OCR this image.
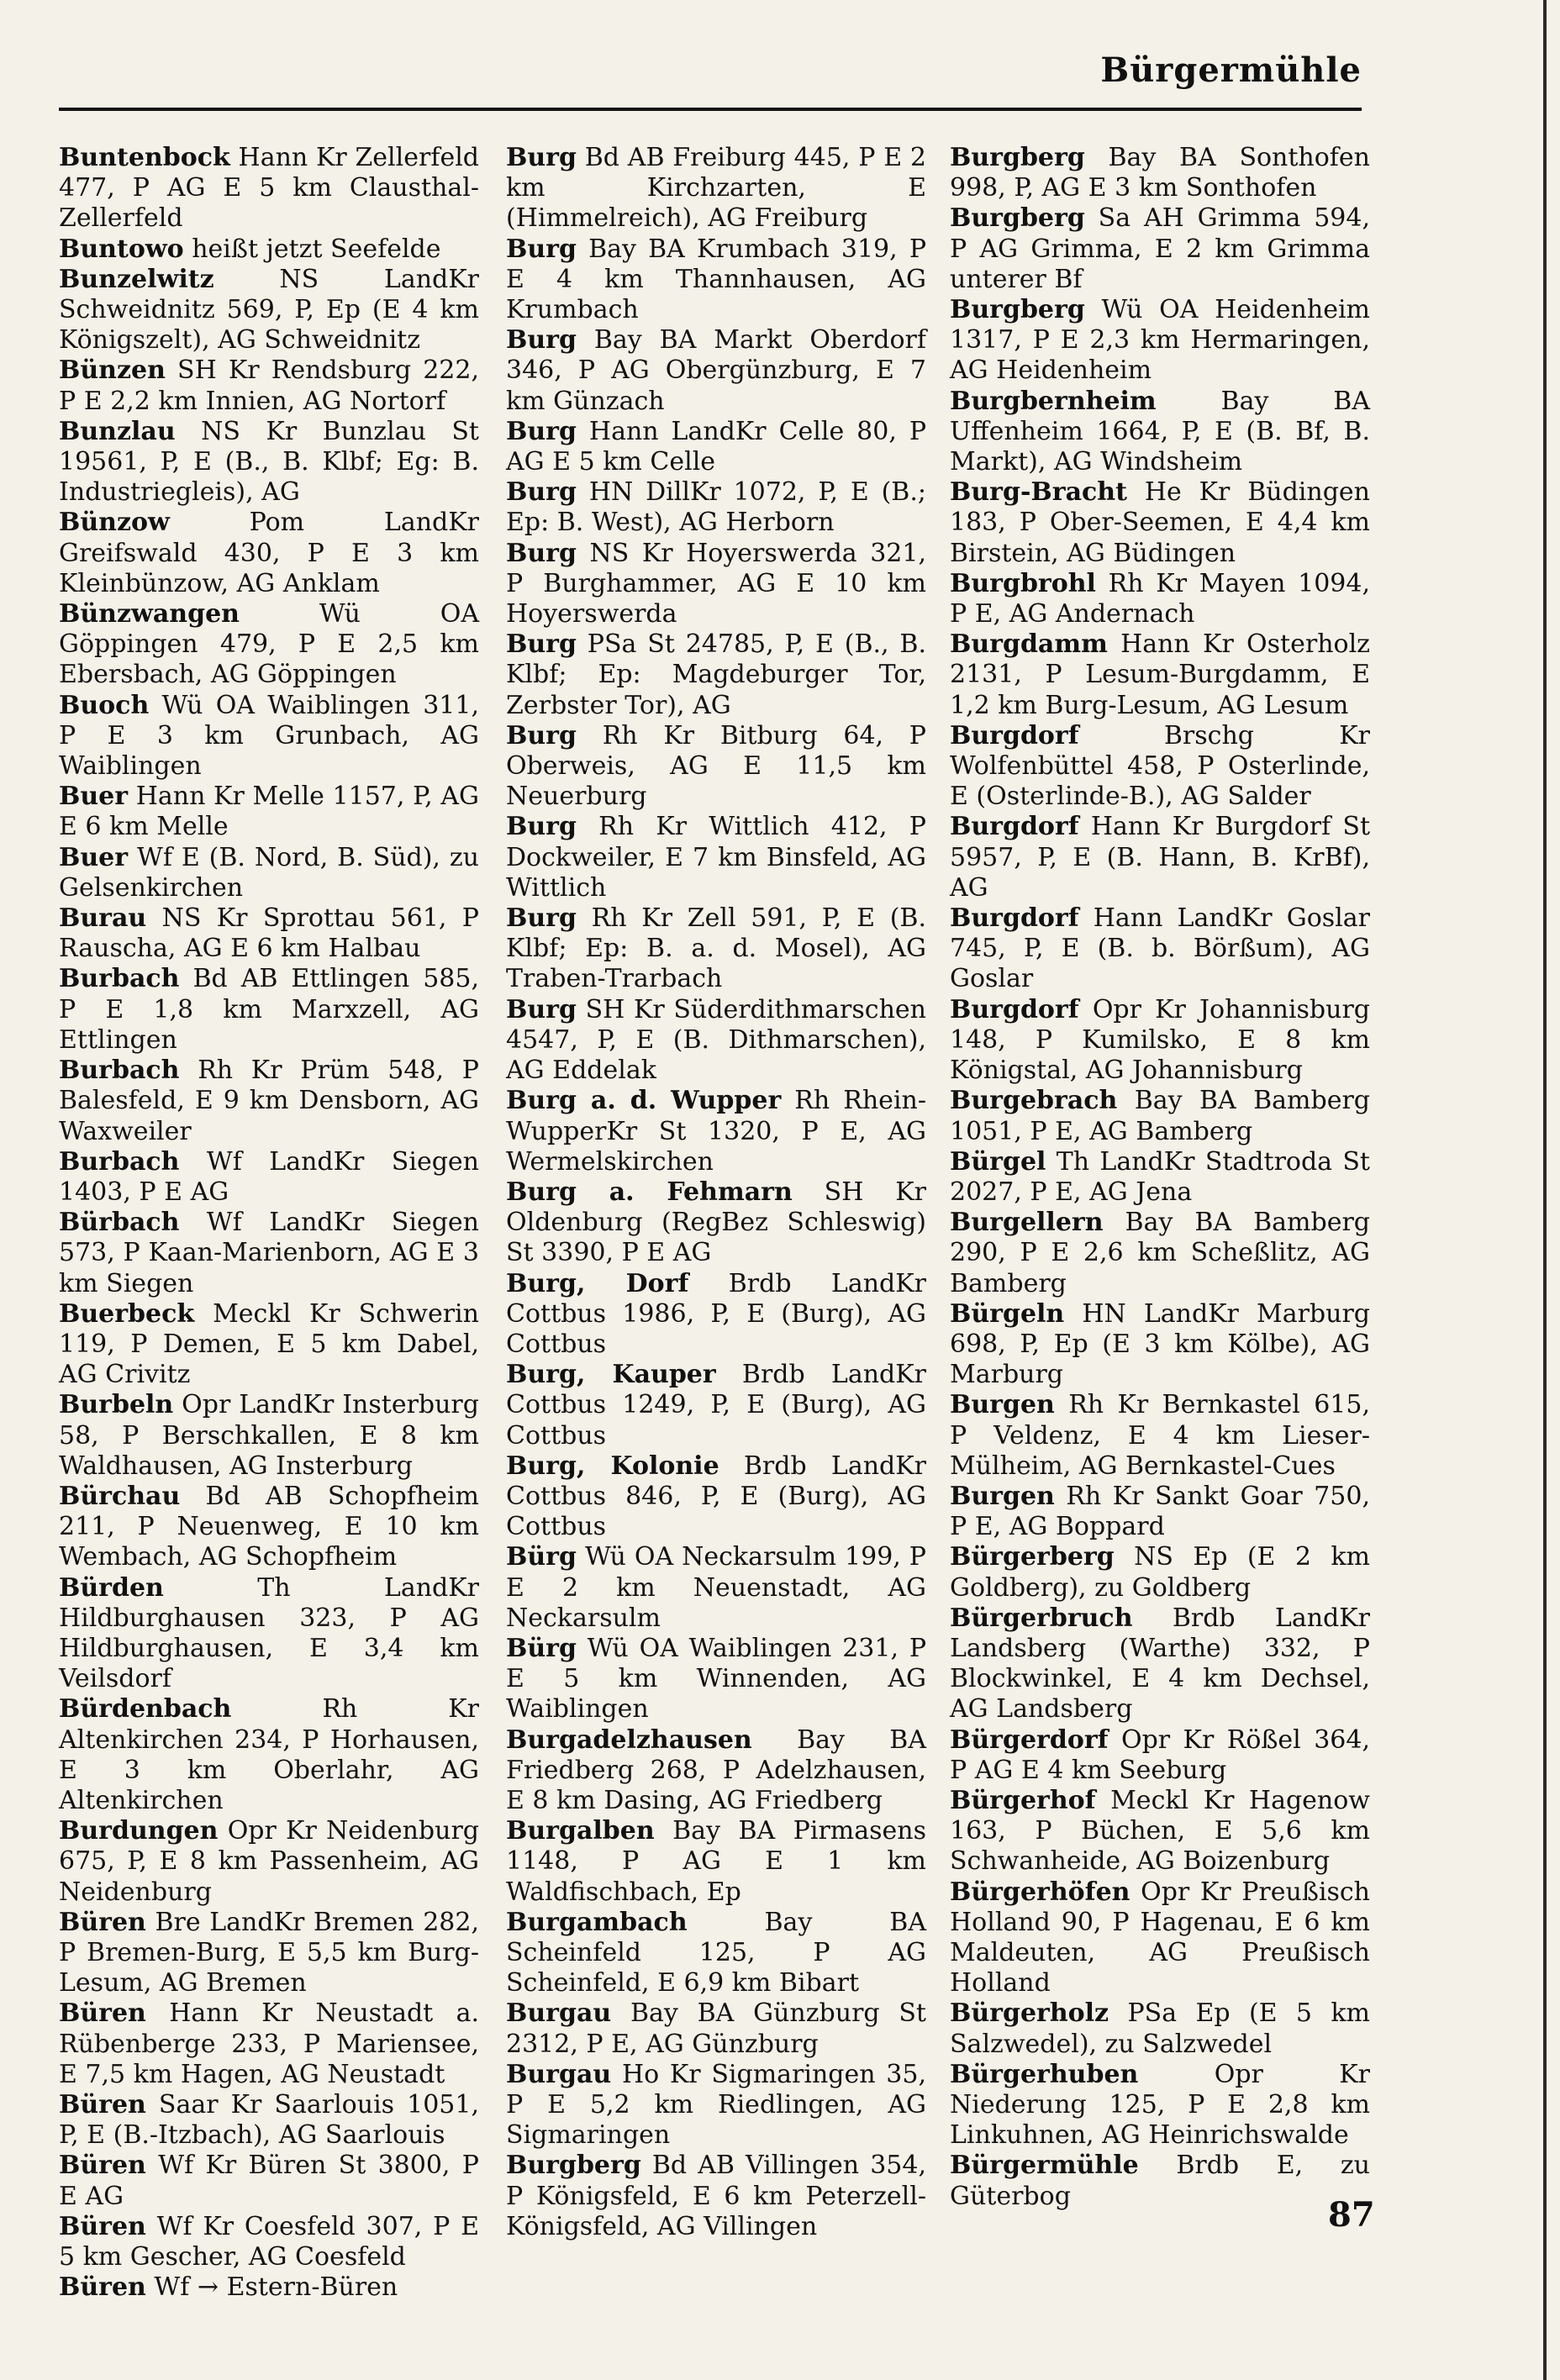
Bürgermühle

Buntenbock Hann Kr Zellerfeld 477, P AG E 5 km Clausthal-Zellerfeld

Buntowo heißt jetzt Seefelde

Bunzelwitz	NS LandKr Schweidnitz 569, P, Ep (E 4 km Königszelt), AG Schweidnitz

Bünzen SH Kr Rendsburg 222, P E 2,2 km Innien, AG Nortorf

Bunzlau NS Kr Bunzlau St 19561, P, E (B., B. Klbf; Eg: B. Industriegleis), AG

Bünzow	Pom LandKr Greifswald 430, P E 3 km Kleinbünzow, AG Anklam

Bünzwangen	Wü OA Göppingen 479, P E 2,5 km Ebersbach, AG Göppingen

Buoch Wü OA Waiblingen 311, P E 3 km Grunbach, AG Waiblingen

Buer Hann Kr Melle 1157, P, AG E 6 km Melle

Buer Wf E (B. Nord, B. Süd), zu Gelsenkirchen

Burau NS Kr Sprottau 561, P Rauscha, AG E 6 km Halbau

Burbach Bd AB Ettlingen 585, P E 1,8 km Marxzell, AG Ettlingen

Burbach Rh Kr Prüm 548, P Balesfeld, E 9 km Densborn, AG Waxweiler

Burbach Wf LandKr Siegen 1403, P E AG

Bürbach Wf LandKr Siegen 573, P Kaan-Marienborn, AG E 3 km Siegen

Buerbeck Meckl Kr Schwerin 119, P Demen, E 5 km Dabel, AG Crivitz

Burbeln Opr LandKr Insterburg 58, P Berschkallen, E 8 km Waldhausen, AG Insterburg

Bürchau Bd AB Schopfheim 211, P Neuenweg, E 10 km Wembach, AG Schopfheim

Bürden	Th LandKr Hildburghausen 323, P AG Hildburghausen, E 3,4 km Veilsdorf

Bürdenbach	Rh Kr Altenkirchen 234, P Horhausen, E 3 km Oberlahr, AG Altenkirchen

Burdungen Opr Kr Neidenburg 675, P, E 8 km Passenheim, AG Neidenburg

Büren Bre LandKr Bremen 282, P Bremen-Burg, E 5,5 km Burg-Lesum, AG Bremen

Büren Hann Kr Neustadt a. Rübenberge 233, P Mariensee, E 7,5 km Hagen, AG Neustadt

Büren Saar Kr Saarlouis 1051, P, E (B.-Itzbach), AG Saarlouis

Büren Wf Kr Büren St 3800, P E AG

Büren Wf Kr Coesfeld 307, P E 5 km Gescher, AG Coesfeld

Büren Wf → Estern-Büren

Burg Bd AB Freiburg 445, P E 2 km Kirchzarten, E (Himmelreich), AG Freiburg

Burg Bay BA Krumbach 319, P E 4 km Thannhausen, AG Krumbach

Burg Bay BA Markt Oberdorf 346, P AG Obergünzburg, E 7 km Günzach

Burg Hann LandKr Celle 80, P AG E 5 km Celle

Burg HN DillKr 1072, P, E (B.; Ep: B. West), AG Herborn

Burg NS Kr Hoyerswerda 321, P Burghammer, AG E 10 km Hoyerswerda

Burg PSa St 24785, P, E (B., B. Klbf; Ep: Magdeburger Tor, Zerbster Tor), AG

Burg Rh Kr Bitburg 64, P Oberweis, AG E 11,5 km Neuerburg

Burg Rh Kr Wittlich 412, P Dockweiler, E 7 km Binsfeld, AG Wittlich

Burg Rh Kr Zell 591, P, E (B. Klbf; Ep: B. a. d. Mosel), AG Traben-Trarbach

Burg SH Kr Süderdithmarschen 4547, P, E (B. Dithmarschen), AG Eddelak

Burg a. d. Wupper Rh Rhein-WupperKr St 1320, P E, AG Wermelskirchen

Burg a. Fehmarn SH Kr Oldenburg (RegBez Schleswig) St 3390, P E AG

Burg, Dorf Brdb LandKr Cottbus 1986, P, E (Burg), AG Cottbus

Burg, Kauper Brdb LandKr Cottbus 1249, P, E (Burg), AG Cottbus

Burg, Kolonie Brdb LandKr Cottbus 846, P, E (Burg), AG Cottbus

Bürg Wü OA Neckarsulm 199, P E 2 km Neuenstadt, AG Neckarsulm

Bürg Wü OA Waiblingen 231, P E 5 km Winnenden, AG Waiblingen

Burgadelzhausen Bay BA Friedberg 268, P Adelzhausen, E 8 km Dasing, AG Friedberg

Burgalben Bay BA Pirmasens 1148, P AG E 1 km Waldfischbach, Ep

Burgambach	Bay BA Scheinfeld 125, P AG Scheinfeld, E 6,9 km Bibart

Burgau Bay BA Günzburg St 2312, P E, AG Günzburg

Burgau Ho Kr Sigmaringen 35, P E 5,2 km Riedlingen, AG Sigmaringen

Burgberg Bd AB Villingen 354, P Königsfeld, E 6 km Peterzell-Königsfeld, AG Villingen

Burgberg Bay BA Sonthofen 998, P, AG E 3 km Sonthofen

Burgberg Sa AH Grimma 594, P AG Grimma, E 2 km Grimma unterer Bf

Burgberg Wü OA Heidenheim 1317, P E 2,3 km Hermaringen, AG Heidenheim

Burgbernheim	Bay BA Uffenheim 1664, P, E (B. Bf, B. Markt), AG Windsheim

Burg-Bracht He Kr Büdingen 183, P Ober-Seemen, E 4,4 km Birstein, AG Büdingen

Burgbrohl Rh Kr Mayen 1094, P E, AG Andernach

Burgdamm Hann Kr Osterholz 2131, P Lesum-Burgdamm, E 1,2 km Burg-Lesum, AG Lesum

Burgdorf	Brschg Kr Wolfenbüttel 458, P Osterlinde, E (Osterlinde-B.), AG Salder

Burgdorf Hann Kr Burgdorf St 5957, P, E (B. Hann, B. KrBf), AG

Burgdorf Hann LandKr Goslar 745, P, E (B. b. Börßum), AG Goslar

Burgdorf Opr Kr Johannisburg 148, P Kumilsko, E 8 km Königstal, AG Johannisburg

Burgebrach Bay BA Bamberg 1051, P E, AG Bamberg

Bürgel Th LandKr Stadtroda St 2027, P E, AG Jena

Burgellern Bay BA Bamberg 290, P E 2,6 km Scheßlitz, AG Bamberg

Bürgeln HN LandKr Marburg 698, P, Ep (E 3 km Kölbe), AG Marburg

Burgen Rh Kr Bernkastel 615, P Veldenz, E 4 km Lieser-Mülheim, AG Bernkastel-Cues

Burgen Rh Kr Sankt Goar 750, P E, AG Boppard

Bürgerberg NS Ep (E 2 km Goldberg), zu Goldberg

Bürgerbruch Brdb LandKr Landsberg (Warthe) 332, P Blockwinkel, E 4 km Dechsel, AG Landsberg

Bürgerdorf Opr Kr Rößel 364, P AG E 4 km Seeburg

Bürgerhof Meckl Kr Hagenow 163, P Büchen, E 5,6 km Schwanheide, AG Boizenburg

Bürgerhöfen Opr Kr Preußisch Holland 90, P Hagenau, E 6 km Maldeuten, AG Preußisch Holland

Bürgerholz PSa Ep (E 5 km Salzwedel), zu Salzwedel

Bürgerhuben	Opr Kr Niederung 125, P E 2,8 km Linkuhnen, AG Heinrichswalde

Bürgermühle Brdb E, zu Güterbog	87
